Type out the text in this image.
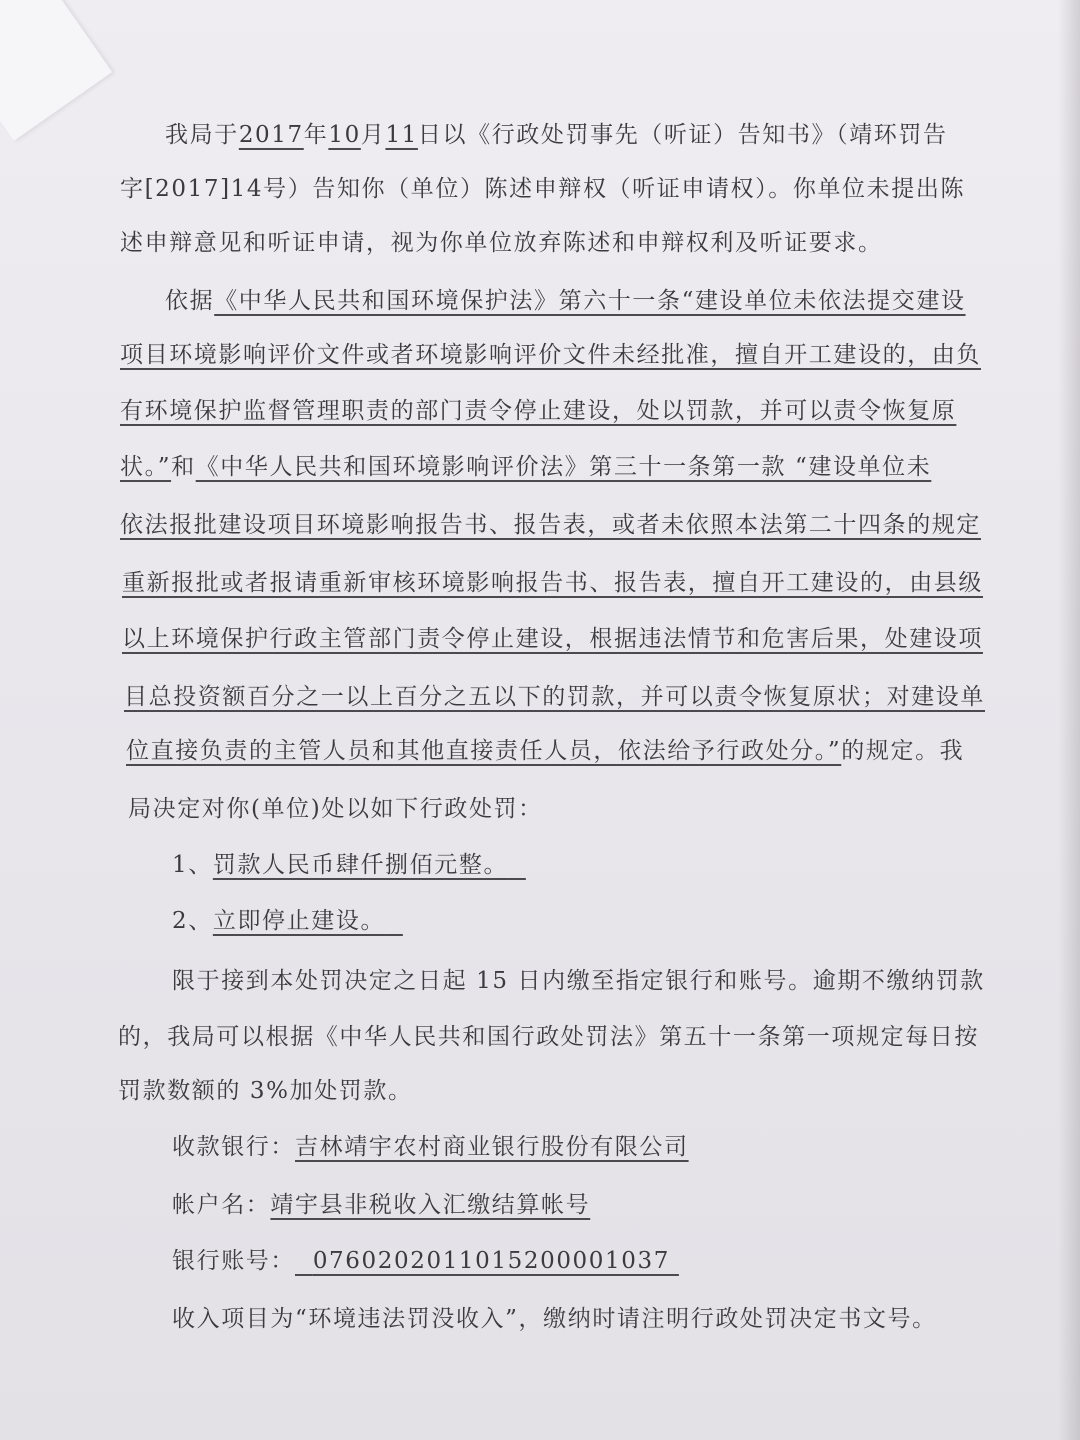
我局于2017年10月11日以《行政处罚事先（听证）告知书》（靖环罚告
字[2017]14号）告知你（单位）陈述申辩权（听证申请权）。你单位未提出陈
述申辩意见和听证申请，视为你单位放弃陈述和申辩权利及听证要求。
依据《中华人民共和国环境保护法》第六十一条“建设单位未依法提交建设
项目环境影响评价文件或者环境影响评价文件未经批准，擅自开工建设的，由负
有环境保护监督管理职责的部门责令停止建设，处以罚款，并可以责令恢复原
状。”和《中华人民共和国环境影响评价法》第三十一条第一款 “建设单位未
依法报批建设项目环境影响报告书、报告表，或者未依照本法第二十四条的规定
重新报批或者报请重新审核环境影响报告书、报告表，擅自开工建设的，由县级
以上环境保护行政主管部门责令停止建设，根据违法情节和危害后果，处建设项
目总投资额百分之一以上百分之五以下的罚款，并可以责令恢复原状；对建设单
位直接负责的主管人员和其他直接责任人员，依法给予行政处分。”的规定。我
局决定对你(单位)处以如下行政处罚：
1、罚款人民币肆仟捌佰元整。
2、立即停止建设。
限于接到本处罚决定之日起 15 日内缴至指定银行和账号。逾期不缴纳罚款
的，我局可以根据《中华人民共和国行政处罚法》第五十一条第一项规定每日按
罚款数额的 3%加处罚款。
收款银行：吉林靖宇农村商业银行股份有限公司
帐户名：靖宇县非税收入汇缴结算帐号
银行账号： 0760202011015200001037
收入项目为“环境违法罚没收入”，缴纳时请注明行政处罚决定书文号。
